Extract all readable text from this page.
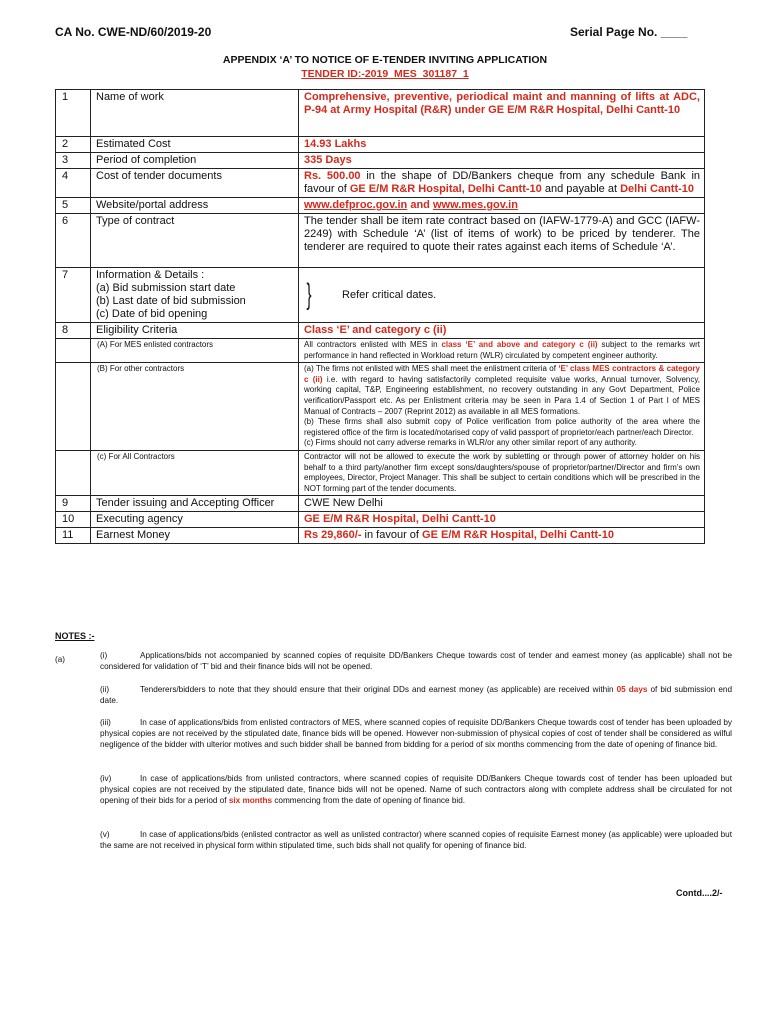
CA No. CWE-ND/60/2019-20	Serial Page No. ____
APPENDIX ‘A’ TO NOTICE OF E-TENDER INVITING APPLICATION
TENDER ID:-2019_MES_301187_1
1	Name of work	Comprehensive, preventive, periodical maint and manning of lifts at ADC, P-94 at Army Hospital (R&R) under GE E/M R&R Hospital, Delhi Cantt-10
2	Estimated Cost	14.93 Lakhs
3	Period of completion	335 Days
4	Cost of tender documents	Rs. 500.00 in the shape of DD/Bankers cheque from any schedule Bank in favour of GE E/M R&R Hospital, Delhi Cantt-10 and payable at Delhi Cantt-10
5	Website/portal address	www.defproc.gov.in and www.mes.gov.in
6	Type of contract	The tender shall be item rate contract based on (IAFW-1779-A) and GCC (IAFW-2249) with Schedule ‘A’ (list of items of work) to be priced by tenderer. The tenderer are required to quote their rates against each items of Schedule ‘A’.
7	Information & Details :
(a) Bid submission start date
(b) Last date of bid submission
(c) Date of bid opening	} Refer critical dates.
8	Eligibility Criteria	Class ‘E’ and category c (ii)
	(A) For MES enlisted contractors	All contractors enlisted with MES in class ‘E’ and above and category c (ii) subject to the remarks wrt performance in hand reflected in Workload return (WLR) circulated by competent engineer authority.
	(B) For other contractors	(a) The firms not enlisted with MES shall meet the enlistment criteria of ‘E’ class MES contractors & category c (ii) i.e. with regard to having satisfactorily completed requisite value works, Annual turnover, Solvency, working capital, T&P, Engineering establishment, no recovery outstanding in any Govt Department, Police verification/Passport etc. As per Enlistment criteria may be seen in Para 1.4 of Section 1 of Part I of MES Manual of Contracts – 2007 (Reprint 2012) as available in all MES formations.
(b) These firms shall also submit copy of Police verification from police authority of the area where the registered office of the firm is located/notarised copy of valid passport of proprietor/each partner/each Director.
(c) Firms should not carry adverse remarks in WLR/or any other similar report of any authority.
	(c) For All Contractors	Contractor will not be allowed to execute the work by subletting or through power of attorney holder on his behalf to a third party/another firm except sons/daughters/spouse of proprietor/partner/Director and firm’s own employees, Director, Project Manager. This shall be subject to certain conditions which will be prescribed in the NOT forming part of the tender documents.
9	Tender issuing and Accepting Officer	CWE New Delhi
10	Executing agency	GE E/M R&R Hospital, Delhi Cantt-10
11	Earnest Money	Rs 29,860/- in favour of GE E/M R&R Hospital, Delhi Cantt-10
NOTES :-
(a)	(i)	Applications/bids not accompanied by scanned copies of requisite DD/Bankers Cheque towards cost of tender and earnest money (as applicable) shall not be considered for validation of ‘T’ bid and their finance bids will not be opened.
(ii)	Tenderers/bidders to note that they should ensure that their original DDs and earnest money (as applicable) are received within 05 days of bid submission end date.
(iii)	In case of applications/bids from enlisted contractors of MES, where scanned copies of requisite DD/Bankers Cheque towards cost of tender has been uploaded by physical copies are not received by the stipulated date, finance bids will be opened. However non-submission of physical copies of cost of tender shall be considered as wilful negligence of the bidder with ulterior motives and such bidder shall be banned from bidding for a period of six months commencing from the date of opening of finance bid.
(iv)	In case of applications/bids from unlisted contractors, where scanned copies of requisite DD/Bankers Cheque towards cost of tender has been uploaded but physical copies are not received by the stipulated date, finance bids will not be opened. Name of such contractors along with complete address shall be circulated for not opening of their bids for a period of six months commencing from the date of opening of finance bid.
(v)	In case of applications/bids (enlisted contractor as well as unlisted contractor) where scanned copies of requisite Earnest money (as applicable) were uploaded but the same are not received in physical form within stipulated time, such bids shall not qualify for opening of finance bid.
Contd....2/-
